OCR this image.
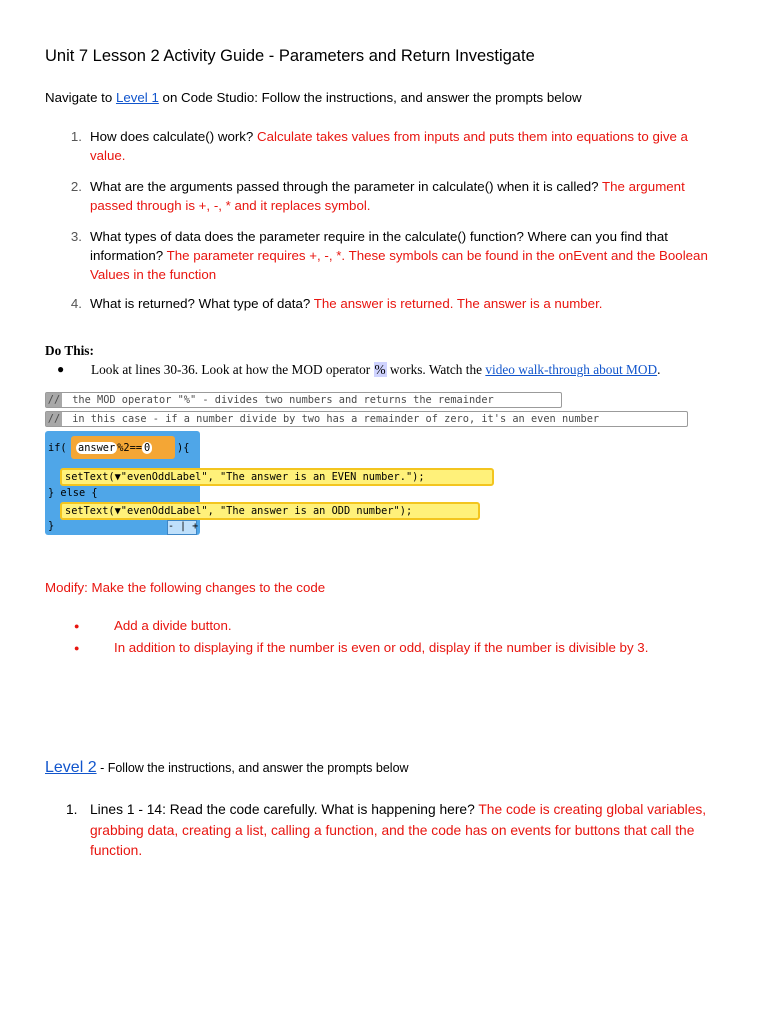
Unit 7 Lesson 2 Activity Guide - Parameters and Return Investigate
Navigate to Level 1 on Code Studio: Follow the instructions, and answer the prompts below
1. How does calculate() work? Calculate takes values from inputs and puts them into equations to give a value.
2. What are the arguments passed through the parameter in calculate() when it is called? The argument passed through is +, -, * and it replaces symbol.
3. What types of data does the parameter require in the calculate() function? Where can you find that information? The parameter requires +, -, *. These symbols can be found in the onEvent and the Boolean Values in the function
4. What is returned? What type of data? The answer is returned. The answer is a number.
Do This:
● Look at lines 30-36. Look at how the MOD operator % works. Watch the video walk-through about MOD.

//

the MOD operator "%" - divides two numbers and returns the remainder

//

in this case - if a number divide by two has a remainder of zero, it's an even number

if(

answer %2== 0

	){

setText(▼"evenOddLabel", "The answer is an EVEN number.");

} else {

setText(▼"evenOddLabel", "The answer is an ODD number");

}

	- | +

Modify: Make the following changes to the code
●	Add a divide button.
●	In addition to displaying if the number is even or odd, display if the number is divisible by 3.
Level 2 - Follow the instructions, and answer the prompts below
1. Lines 1 - 14: Read the code carefully. What is happening here? The code is creating global variables, grabbing data, creating a list, calling a function, and the code has on events for buttons that call the function.
